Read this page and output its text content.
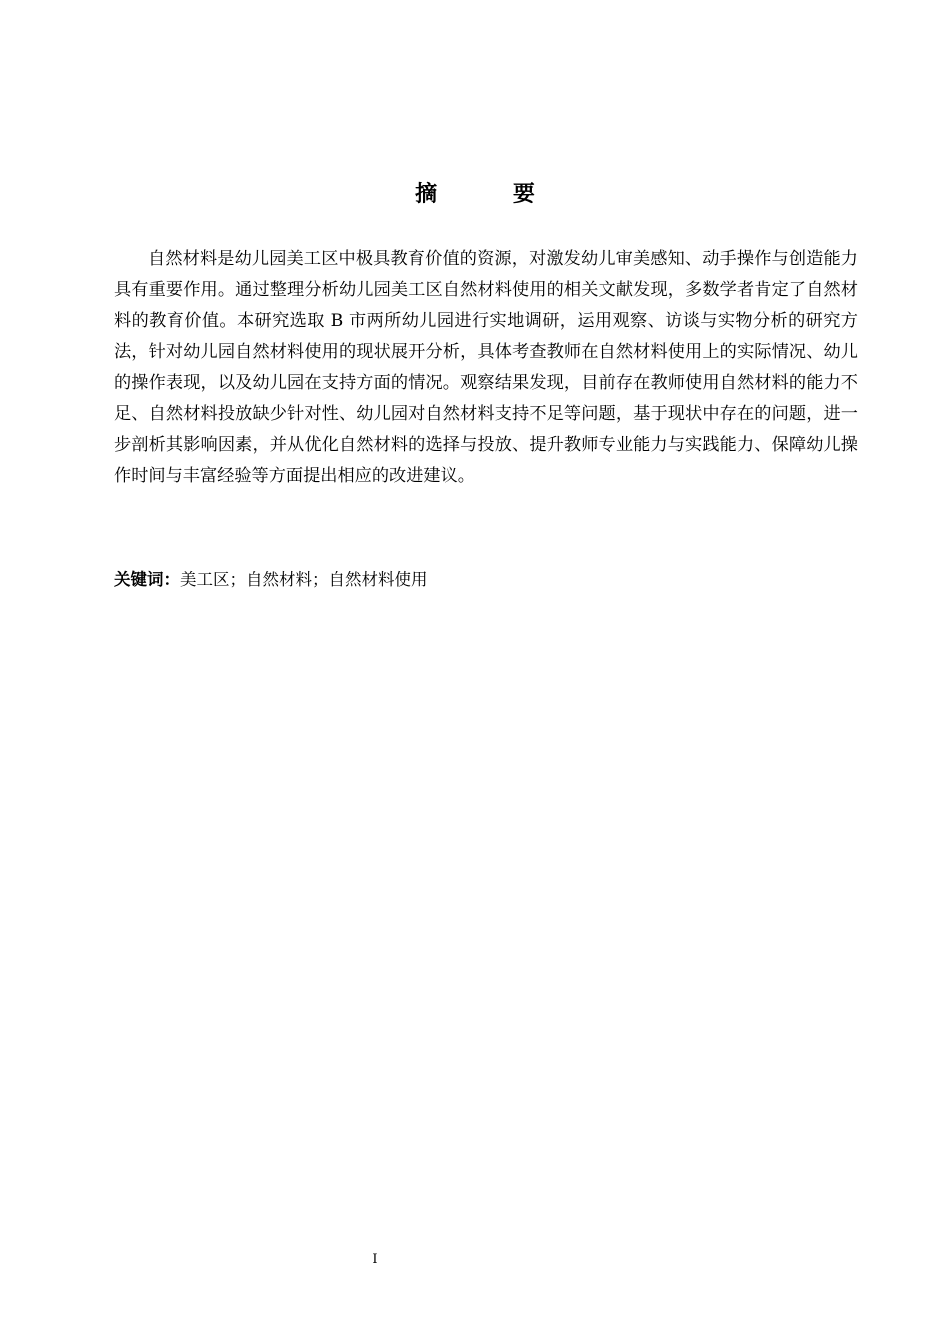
摘 要

自然材料是幼儿园美工区中极具教育价值的资源，对激发幼儿审美感知、动手操作与创造能力具有重要作用。通过整理分析幼儿园美工区自然材料使用的相关文献发现，多数学者肯定了自然材料的教育价值。本研究选取 B 市两所幼儿园进行实地调研，运用观察、访谈与实物分析的研究方法，针对幼儿园自然材料使用的现状展开分析，具体考查教师在自然材料使用上的实际情况、幼儿的操作表现，以及幼儿园在支持方面的情况。观察结果发现，目前存在教师使用自然材料的能力不足、自然材料投放缺少针对性、幼儿园对自然材料支持不足等问题，基于现状中存在的问题，进一步剖析其影响因素，并从优化自然材料的选择与投放、提升教师专业能力与实践能力、保障幼儿操作时间与丰富经验等方面提出相应的改进建议。

关键词：美工区；自然材料；自然材料使用
I
